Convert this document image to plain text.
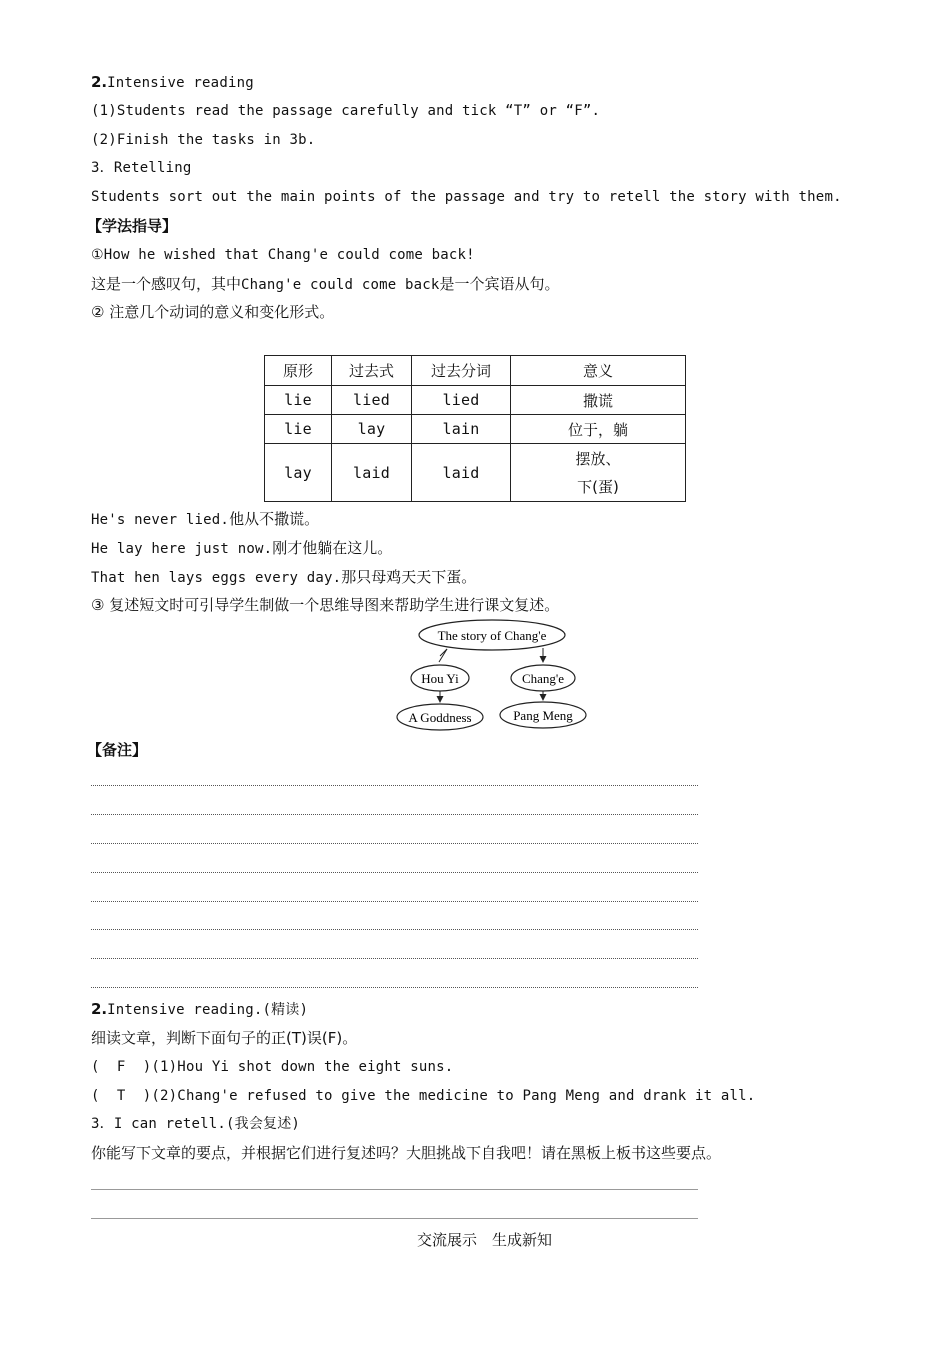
2.Intensive reading
(1)Students read the passage carefully and tick “T” or “F”.
(2)Finish the tasks in 3b.
3．Retelling
Students sort out the main points of the passage and try to retell the story with them.
【学法指导】
①How he wished that Chang'e could come back!
这是一个感叹句，其中Chang'e could come back是一个宾语从句。
② 注意几个动词的意义和变化形式。
原形	过去式	过去分词	意义
lie	lied	lied	撒谎
lie	lay	lain	位于，躺
lay	laid	laid	摆放、
下(蛋)
He's never lied.他从不撒谎。
He lay here just now.刚才他躺在这儿。
That hen lays eggs every day.那只母鸡天天下蛋。
③ 复述短文时可引导学生制做一个思维导图来帮助学生进行课文复述。
The story of Chang'e
Hou Yi	Chang'e
A Goddness	Pang Meng
【备注】
2.Intensive reading.(精读)
细读文章，判断下面句子的正(T)误(F)。
(  F )(1)Hou Yi shot down the eight suns.
(  T )(2)Chang'e refused to give the medicine to Pang Meng and drank it all.
3．I can retell.(我会复述)
你能写下文章的要点，并根据它们进行复述吗？大胆挑战下自我吧！请在黑板上板书这些要点。
交流展示　生成新知
